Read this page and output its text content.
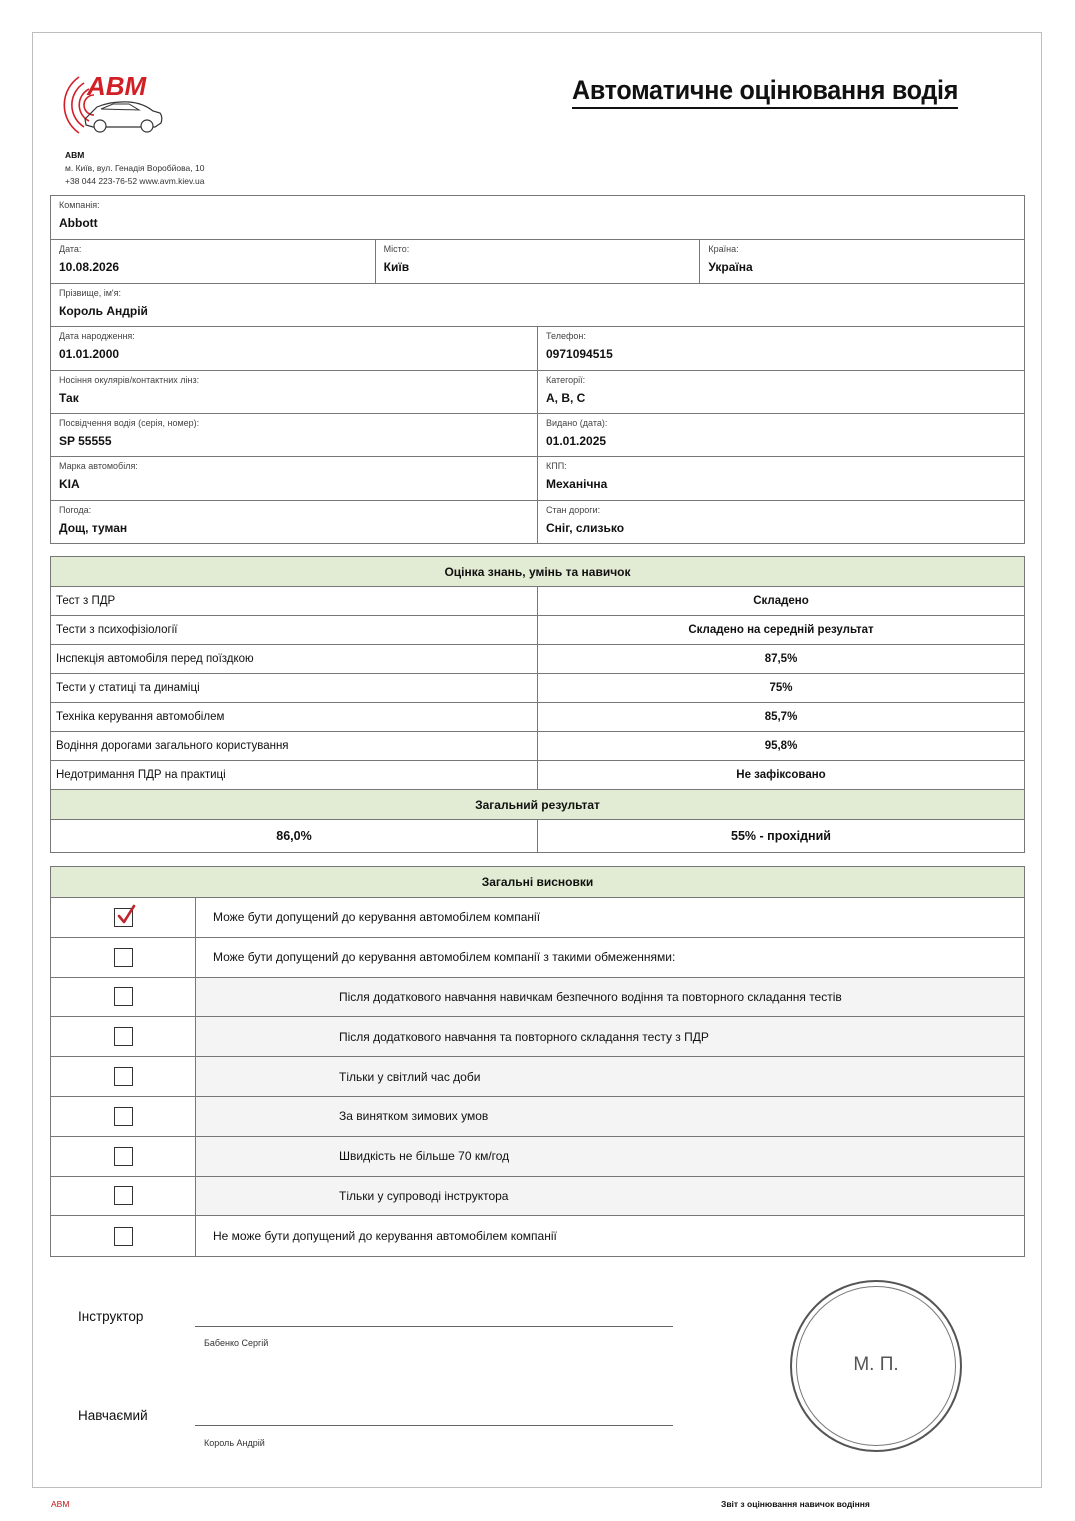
ABM
ABM
м. Київ, вул. Генадія Воробйова, 10
+38 044 223-76-52 www.avm.kiev.ua
Автоматичне оцінювання водія
Компанія:
Abbott
Дата:
10.08.2026
Місто:
Київ
Країна:
Україна
Прізвище, ім'я:
Король Андрій
Дата народження:
01.01.2000
Телефон:
0971094515
Носіння окулярів/контактних лінз:
Так
Категорії:
A, B, C
Посвідчення водія (серія, номер):
SP 55555
Видано (дата):
01.01.2025
Марка автомобіля:
KIA
КПП:
Механічна
Погода:
Дощ, туман
Стан дороги:
Сніг, слизько
Оцінка знань, умінь та навичок
Тест з ПДР	Складено
Тести з психофізіології	Складено на середній результат
Інспекція автомобіля перед поїздкою	87,5%
Тести у статиці та динаміці	75%
Техніка керування автомобілем	85,7%
Водіння дорогами загального користування	95,8%
Недотримання ПДР на практиці	Не зафіксовано
Загальний результат
86,0%	55% - прохідний
Загальні висновки
Може бути допущений до керування автомобілем компанії
Може бути допущений до керування автомобілем компанії з такими обмеженнями:
Після додаткового навчання навичкам безпечного водіння та повторного складання тестів
Після додаткового навчання та повторного складання тесту з ПДР
Тільки у світлий час доби
За винятком зимових умов
Швидкість не більше 70 км/год
Тільки у супроводі інструктора
Не може бути допущений до керування автомобілем компанії
Інструктор
Бабенко Сергій
Навчаємий
Король Андрій
М. П.
ABM	Звіт з оцінювання навичок водіння
